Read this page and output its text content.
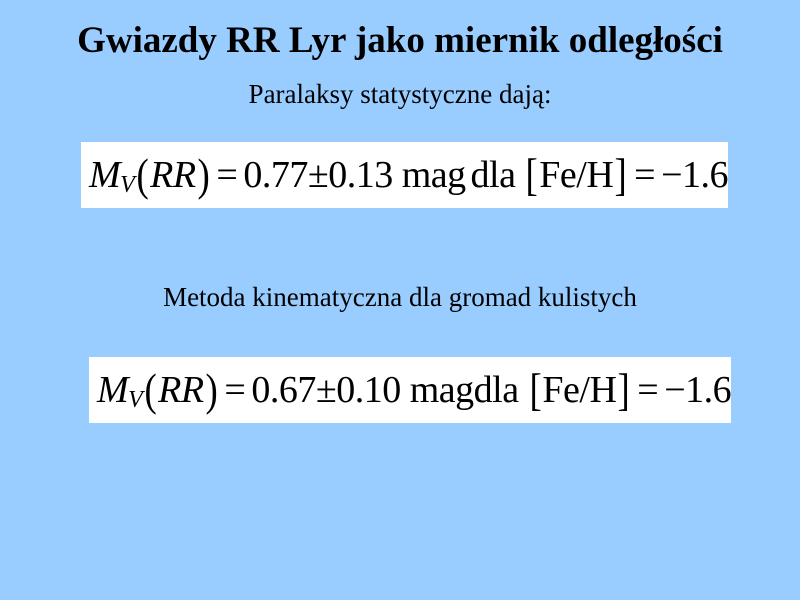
Gwiazdy RR Lyr jako miernik odległości
Paralaksy statystyczne dają:
M V ( RR ) = 0.77 ± 0.13
mag dla
[ Fe/H ] = −1.6
Metoda kinematyczna dla gromad kulistych
M V ( RR ) = 0.67 ± 0.10
mag dla
[ Fe/H ] = −1.6
